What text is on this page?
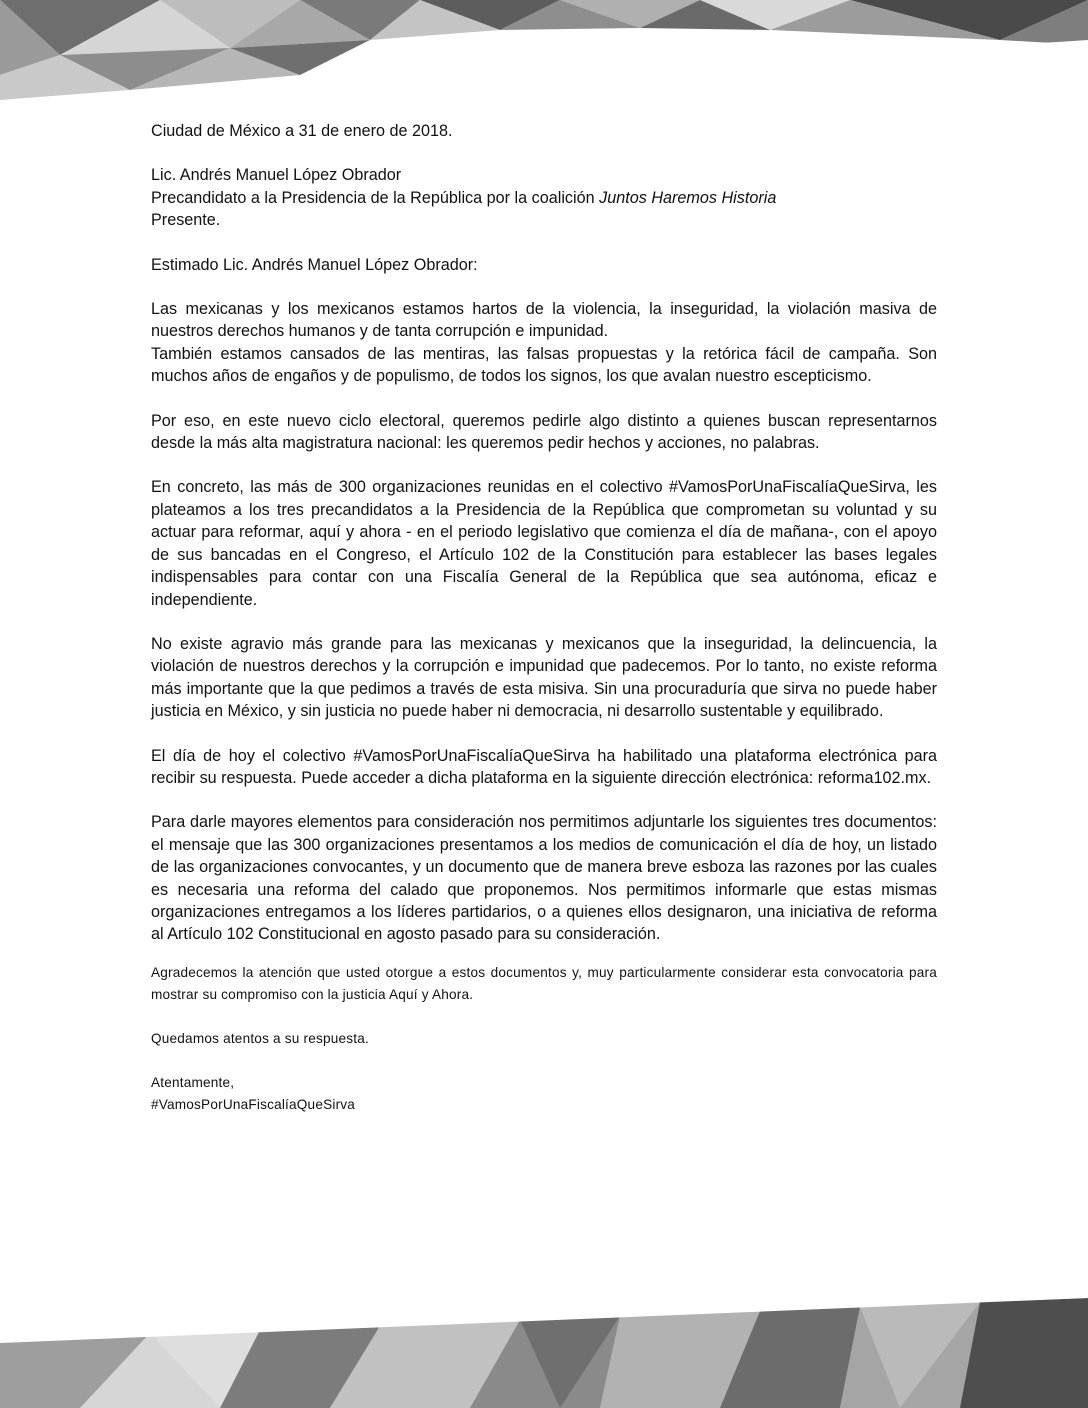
Ciudad de México a 31 de enero de 2018.

Lic. Andrés Manuel López Obrador

Precandidato a la Presidencia de la República por la coalición Juntos Haremos Historia

Presente.

Estimado Lic. Andrés Manuel López Obrador:

Las mexicanas y los mexicanos estamos hartos de la violencia, la inseguridad, la violación masiva de nuestros derechos humanos y de tanta corrupción e impunidad.

También estamos cansados de las mentiras, las falsas propuestas y la retórica fácil de campaña. Son muchos años de engaños y de populismo, de todos los signos, los que avalan nuestro escepticismo.

Por eso, en este nuevo ciclo electoral, queremos pedirle algo distinto a quienes buscan representarnos desde la más alta magistratura nacional: les queremos pedir hechos y acciones, no palabras.

En concreto, las más de 300 organizaciones reunidas en el colectivo #VamosPorUnaFiscalíaQueSirva, les plateamos a los tres precandidatos a la Presidencia de la República que comprometan su voluntad y su actuar para reformar, aquí y ahora - en el periodo legislativo que comienza el día de mañana-, con el apoyo de sus bancadas en el Congreso, el Artículo 102 de la Constitución para establecer las bases legales indispensables para contar con una Fiscalía General de la República que sea autónoma, eficaz e independiente.

No existe agravio más grande para las mexicanas y mexicanos que la inseguridad, la delincuencia, la violación de nuestros derechos y la corrupción e impunidad que padecemos. Por lo tanto, no existe reforma más importante que la que pedimos a través de esta misiva. Sin una procuraduría que sirva no puede haber justicia en México, y sin justicia no puede haber ni democracia, ni desarrollo sustentable y equilibrado.

El día de hoy el colectivo #VamosPorUnaFiscalíaQueSirva ha habilitado una plataforma electrónica para recibir su respuesta. Puede acceder a dicha plataforma en la siguiente dirección electrónica: reforma102.mx.

Para darle mayores elementos para consideración nos permitimos adjuntarle los siguientes tres documentos: el mensaje que las 300 organizaciones presentamos a los medios de comunicación el día de hoy, un listado de las organizaciones convocantes, y un documento que de manera breve esboza las razones por las cuales es necesaria una reforma del calado que proponemos. Nos permitimos informarle que estas mismas organizaciones entregamos a los líderes partidarios, o a quienes ellos designaron, una iniciativa de reforma al Artículo 102 Constitucional en agosto pasado para su consideración.

Agradecemos la atención que usted otorgue a estos documentos y, muy particularmente considerar esta convocatoria para mostrar su compromiso con la justicia Aquí y Ahora.

Quedamos atentos a su respuesta.

Atentamente,

#VamosPorUnaFiscalíaQueSirva
